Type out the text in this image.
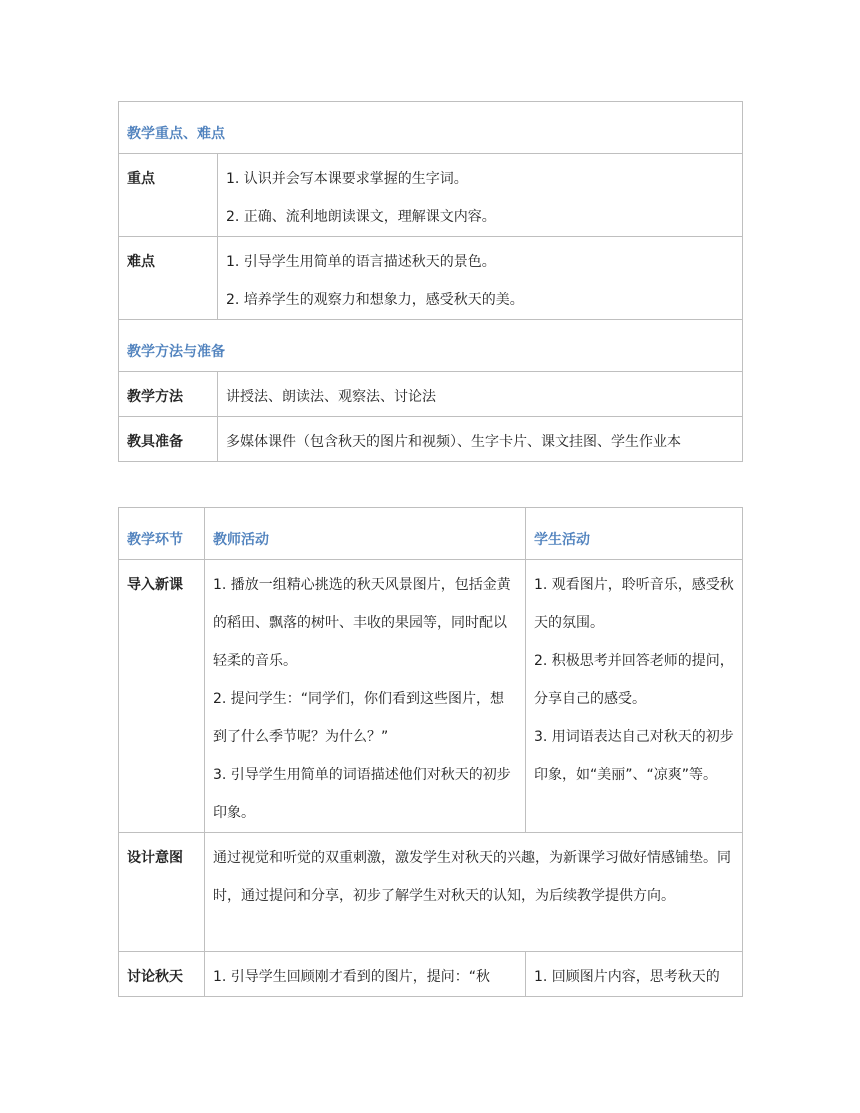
教学重点、难点	
重点	1. 认识并会写本课要求掌握的生字词。
2. 正确、流利地朗读课文，理解课文内容。

难点	1. 引导学生用简单的语言描述秋天的景色。
2. 培养学生的观察力和想象力，感受秋天的美。

教学方法与准备	
教学方法	讲授法、朗读法、观察法、讨论法
教具准备	多媒体课件（包含秋天的图片和视频）、生字卡片、课文挂图、学生作业本
教学环节	教师活动	学生活动
导入新课	1. 播放一组精心挑选的秋天风景图片，包括金黄的稻田、飘落的树叶、丰收的果园等，同时配以轻柔的音乐。
2. 提问学生：“同学们，你们看到这些图片，想到了什么季节呢？为什么？”
3. 引导学生用简单的词语描述他们对秋天的初步印象。	1. 观看图片，聆听音乐，感受秋天的氛围。
2. 积极思考并回答老师的提问，分享自己的感受。
3. 用词语表达自己对秋天的初步印象，如“美丽”、“凉爽”等。

设计意图	通过视觉和听觉的双重刺激，激发学生对秋天的兴趣，为新课学习做好情感铺垫。同时，通过提问和分享，初步了解学生对秋天的认知，为后续教学提供方向。	
讨论秋天	1. 引导学生回顾刚才看到的图片，提问：“秋	1. 回顾图片内容，思考秋天的
